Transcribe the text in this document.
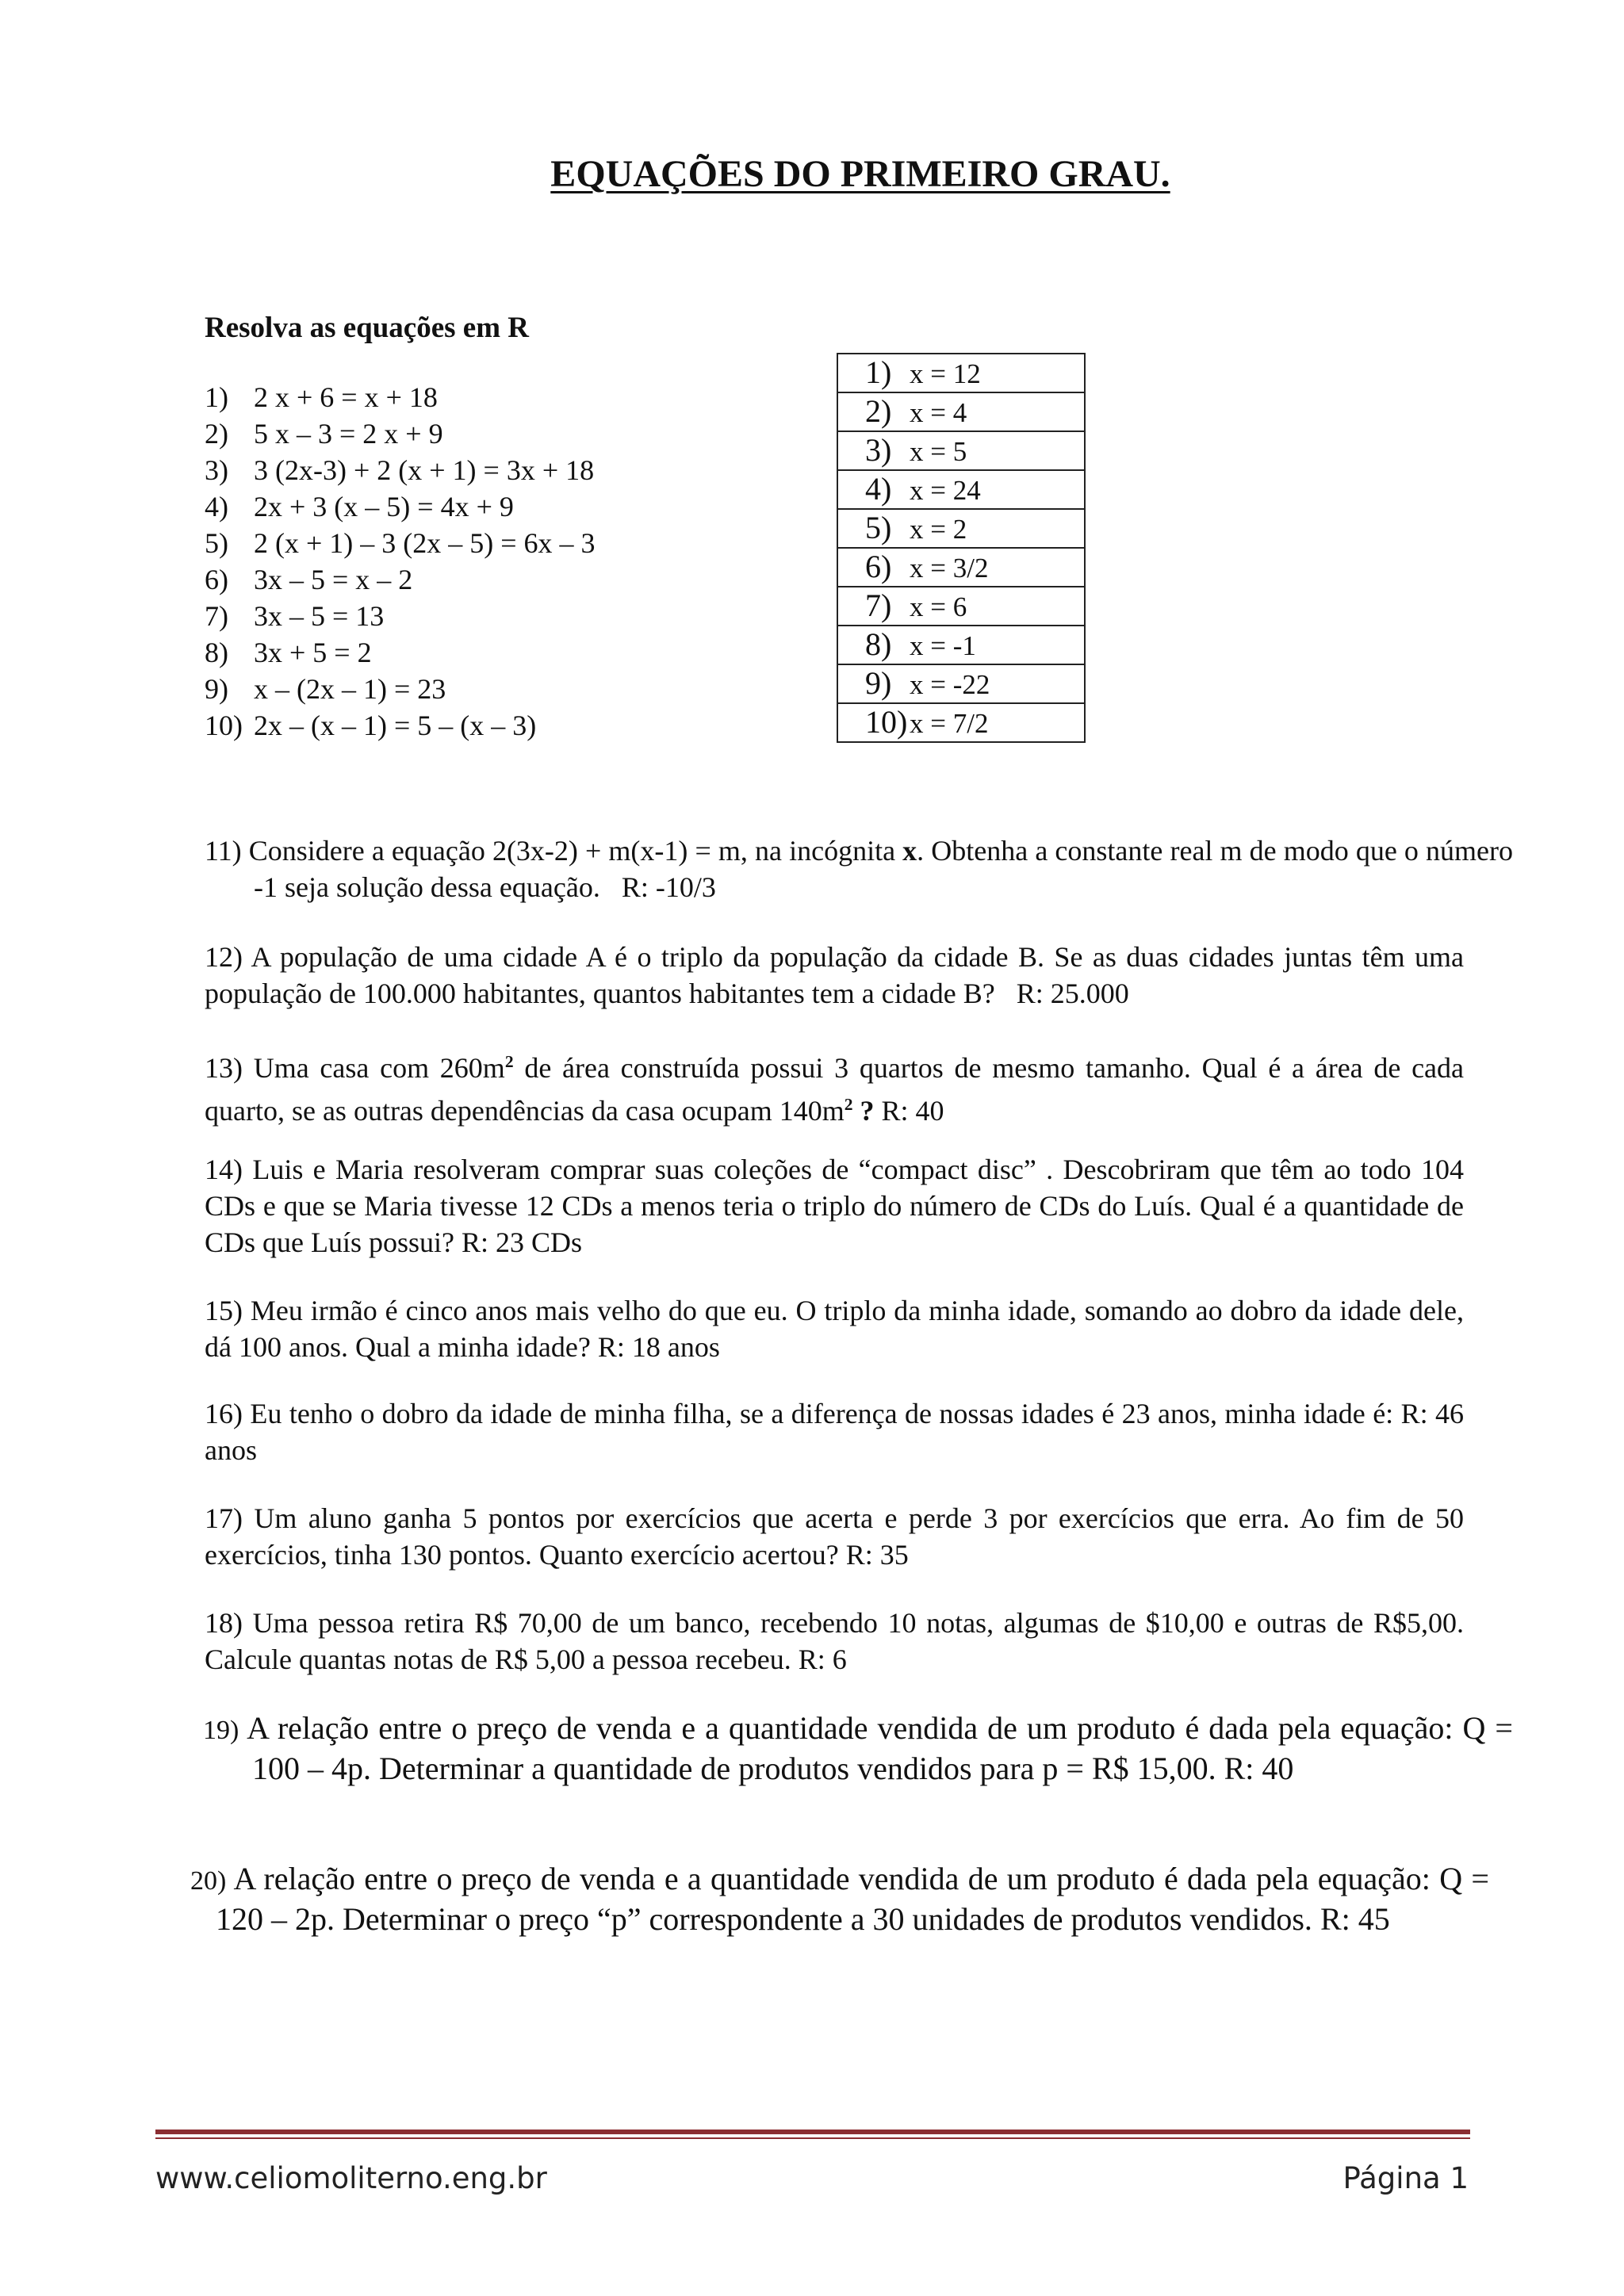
EQUAÇÕES DO PRIMEIRO GRAU.
Resolva as equações em R
1) 2 x + 6 = x + 18
2) 5 x – 3 = 2 x + 9
3) 3 (2x-3) + 2 (x + 1) = 3x + 18
4) 2x + 3 (x – 5) = 4x + 9
5) 2 (x + 1) – 3 (2x – 5) = 6x – 3
6) 3x – 5 = x – 2
7) 3x – 5 = 13
8) 3x + 5 = 2
9) x – (2x – 1) = 23
10) 2x – (x – 1) = 5 – (x – 3)
1) x = 12
2) x = 4
3) x = 5
4) x = 24
5) x = 2
6) x = 3/2
7) x = 6
8) x = -1
9) x = -22
10)x = 7/2
11) Considere a equação 2(3x-2) + m(x-1) = m, na incógnita x. Obtenha a constante real m de modo que o número -1 seja solução dessa equação. R: -10/3
12) A população de uma cidade A é o triplo da população da cidade B. Se as duas cidades juntas têm uma população de 100.000 habitantes, quantos habitantes tem a cidade B? R: 25.000
13) Uma casa com $260m^2$ de área construída possui 3 quartos de mesmo tamanho. Qual é a área de cada quarto, se as outras dependências da casa ocupam $140m^2$ ? R: 40
14) Luis e Maria resolveram comprar suas coleções de “compact disc” . Descobriram que têm ao todo 104 CDs e que se Maria tivesse 12 CDs a menos teria o triplo do número de CDs do Luís. Qual é a quantidade de CDs que Luís possui? R: 23 CDs
15) Meu irmão é cinco anos mais velho do que eu. O triplo da minha idade, somando ao dobro da idade dele, dá 100 anos. Qual a minha idade? R: 18 anos
16) Eu tenho o dobro da idade de minha filha, se a diferença de nossas idades é 23 anos, minha idade é: R: 46 anos
17) Um aluno ganha 5 pontos por exercícios que acerta e perde 3 por exercícios que erra. Ao fim de 50 exercícios, tinha 130 pontos. Quanto exercício acertou? R: 35
18) Uma pessoa retira R$ 70,00 de um banco, recebendo 10 notas, algumas de $10,00 e outras de R$5,00. Calcule quantas notas de R$ 5,00 a pessoa recebeu. R: 6
19) A relação entre o preço de venda e a quantidade vendida de um produto é dada pela equação: Q = 100 – 4p. Determinar a quantidade de produtos vendidos para p = R$ 15,00. R: 40
20) A relação entre o preço de venda e a quantidade vendida de um produto é dada pela equação: Q = 120 – 2p. Determinar o preço “p” correspondente a 30 unidades de produtos vendidos. R: 45
www.celiomoliterno.eng.br	Página 1
